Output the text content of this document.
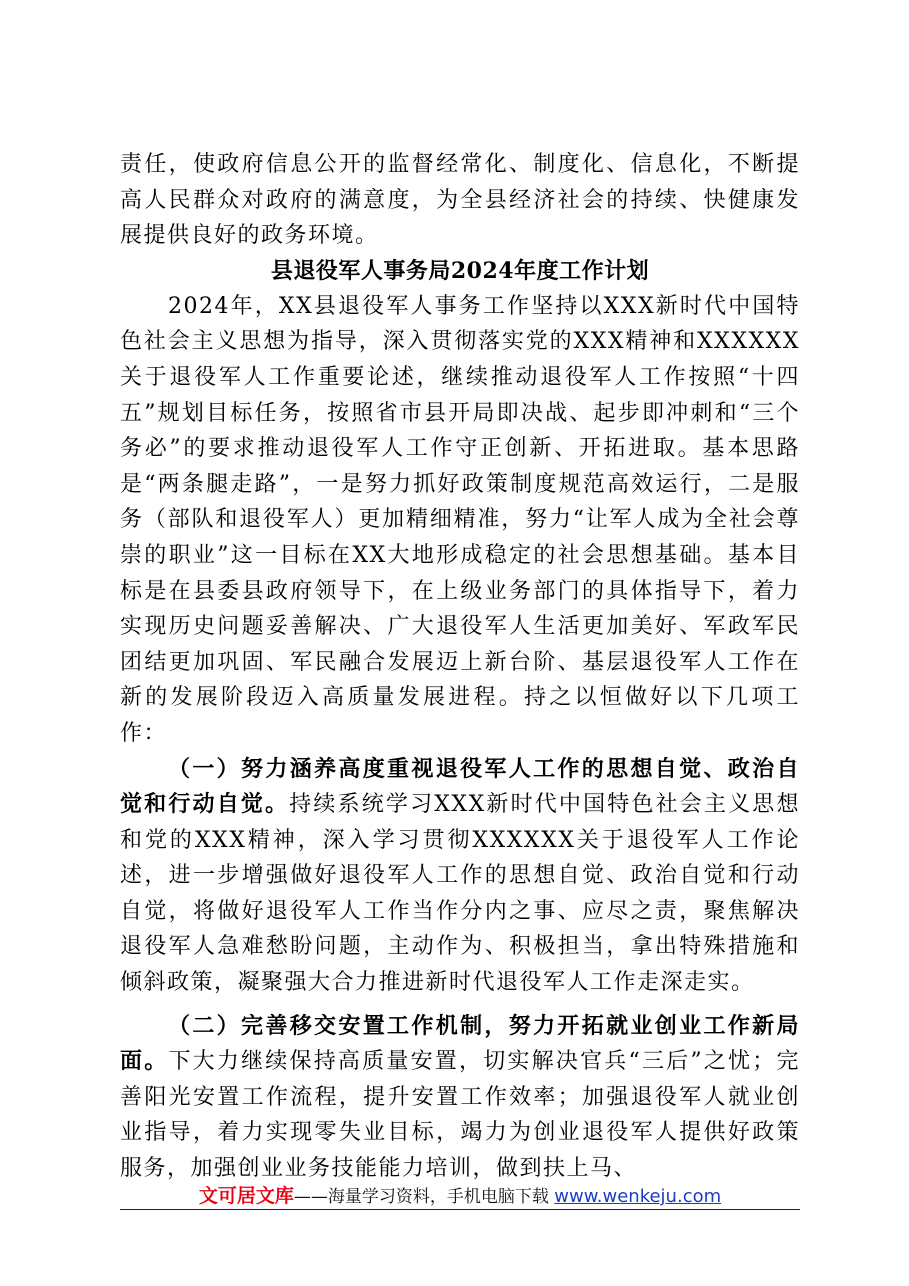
责任，使政府信息公开的监督经常化、制度化、信息化，不断提高人民群众对政府的满意度，为全县经济社会的持续、快健康发展提供良好的政务环境。

县退役军人事务局2024年度工作计划

2024年，XX县退役军人事务工作坚持以XXX新时代中国特色社会主义思想为指导，深入贯彻落实党的XXX精神和XXXXXX关于退役军人工作重要论述，继续推动退役军人工作按照“十四五”规划目标任务，按照省市县开局即决战、起步即冲刺和“三个务必”的要求推动退役军人工作守正创新、开拓进取。基本思路是“两条腿走路”，一是努力抓好政策制度规范高效运行，二是服务（部队和退役军人）更加精细精准，努力“让军人成为全社会尊崇的职业”这一目标在XX大地形成稳定的社会思想基础。基本目标是在县委县政府领导下，在上级业务部门的具体指导下，着力实现历史问题妥善解决、广大退役军人生活更加美好、军政军民团结更加巩固、军民融合发展迈上新台阶、基层退役军人工作在新的发展阶段迈入高质量发展进程。持之以恒做好以下几项工作：

（一）努力涵养高度重视退役军人工作的思想自觉、政治自觉和行动自觉。持续系统学习XXX新时代中国特色社会主义思想和党的XXX精神，深入学习贯彻XXXXXX关于退役军人工作论述，进一步增强做好退役军人工作的思想自觉、政治自觉和行动自觉，将做好退役军人工作当作分内之事、应尽之责，聚焦解决退役军人急难愁盼问题，主动作为、积极担当，拿出特殊措施和倾斜政策，凝聚强大合力推进新时代退役军人工作走深走实。

（二）完善移交安置工作机制，努力开拓就业创业工作新局面。下大力继续保持高质量安置，切实解决官兵“三后”之忧；完善阳光安置工作流程，提升安置工作效率；加强退役军人就业创业指导，着力实现零失业目标，竭力为创业退役军人提供好政策服务，加强创业业务技能能力培训，做到扶上马、

文可居文库——海量学习资料，手机电脑下载 www.wenkeju.com
